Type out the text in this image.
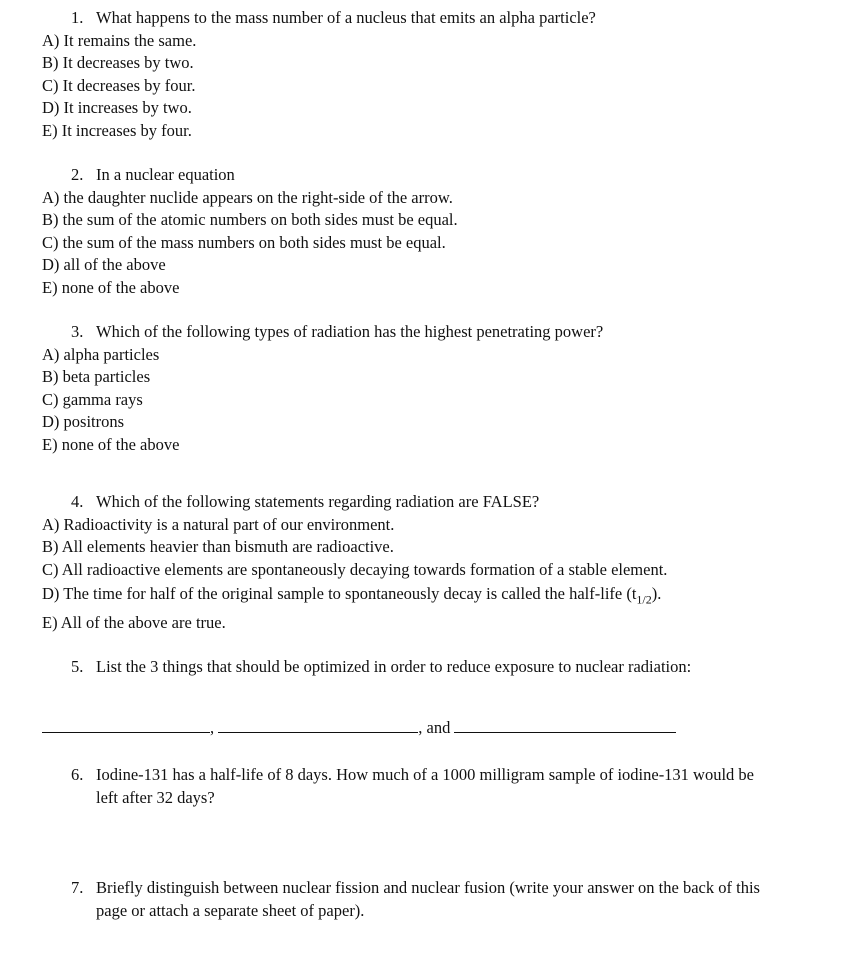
1. What happens to the mass number of a nucleus that emits an alpha particle?
A) It remains the same.
B) It decreases by two.
C) It decreases by four.
D) It increases by two.
E) It increases by four.
2. In a nuclear equation
A) the daughter nuclide appears on the right-side of the arrow.
B) the sum of the atomic numbers on both sides must be equal.
C) the sum of the mass numbers on both sides must be equal.
D) all of the above
E) none of the above
3. Which of the following types of radiation has the highest penetrating power?
A) alpha particles
B) beta particles
C) gamma rays
D) positrons
E) none of the above
4. Which of the following statements regarding radiation are FALSE?
A) Radioactivity is a natural part of our environment.
B) All elements heavier than bismuth are radioactive.
C) All radioactive elements are spontaneously decaying towards formation of a stable element.
D) The time for half of the original sample to spontaneously decay is called the half-life $(t_{1/2})$.
E) All of the above are true.
5. List the 3 things that should be optimized in order to reduce exposure to nuclear radiation:
,	, and
6. Iodine-131 has a half-life of 8 days. How much of a 1000 milligram sample of iodine-131 would be left after 32 days?
7. Briefly distinguish between nuclear fission and nuclear fusion (write your answer on the back of this page or attach a separate sheet of paper).
